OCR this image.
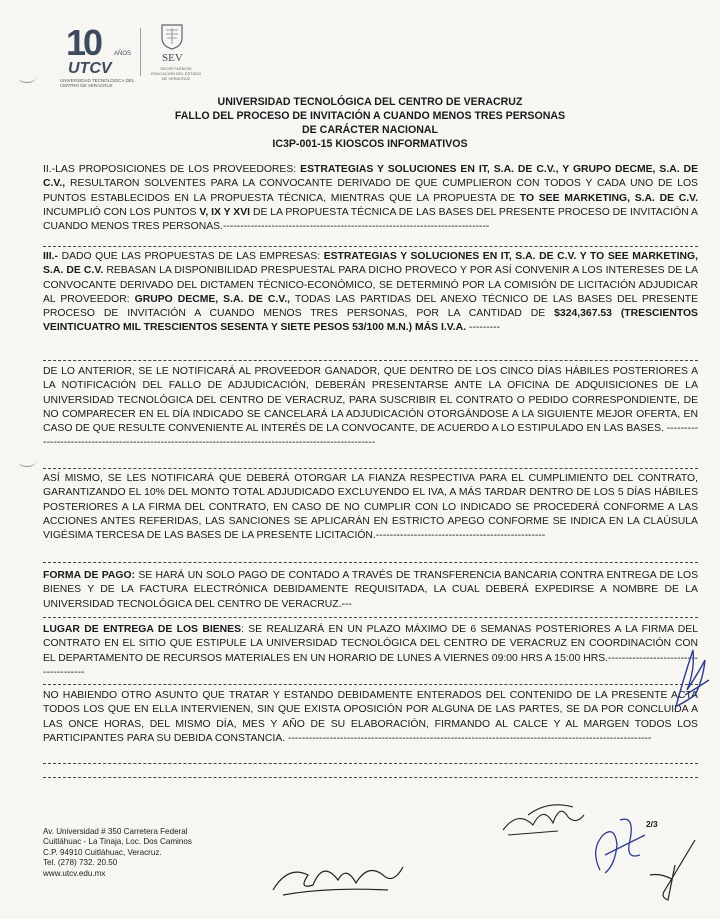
10 AÑOS
UTCV
UNIVERSIDAD TECNOLÓGICA DEL CENTRO DE VERACRUZ
SEV
SECRETARÍA DE EDUCACIÓN DEL ESTADO DE VERACRUZ
UNIVERSIDAD TECNOLÓGICA DEL CENTRO DE VERACRUZ
FALLO DEL PROCESO DE INVITACIÓN A CUANDO MENOS TRES PERSONAS
DE CARÁCTER NACIONAL
IC3P-001-15 KIOSCOS INFORMATIVOS
II.-LAS PROPOSICIONES DE LOS PROVEEDORES: ESTRATEGIAS Y SOLUCIONES EN IT, S.A. DE C.V., Y GRUPO DECME, S.A. DE C.V., RESULTARON SOLVENTES PARA LA CONVOCANTE DERIVADO DE QUE CUMPLIERON CON TODOS Y CADA UNO DE LOS PUNTOS ESTABLECIDOS EN LA PROPUESTA TÉCNICA, MIENTRAS QUE LA PROPUESTA DE TO SEE MARKETING, S.A. DE C.V. INCUMPLIÓ CON LOS PUNTOS V, IX Y XVI DE LA PROPUESTA TÉCNICA DE LAS BASES DEL PRESENTE PROCESO DE INVITACIÓN A CUANDO MENOS TRES PERSONAS.-----------------------------------------------------------------------------
III.- DADO QUE LAS PROPUESTAS DE LAS EMPRESAS: ESTRATEGIAS Y SOLUCIONES EN IT, S.A. DE C.V. Y TO SEE MARKETING, S.A. DE C.V. REBASAN LA DISPONIBILIDAD PRESPUESTAL PARA DICHO PROVECO Y POR ASÍ CONVENIR A LOS INTERESES DE LA CONVOCANTE DERIVADO DEL DICTAMEN TÉCNICO-ECONÓMICO, SE DETERMINÓ POR LA COMISIÓN DE LICITACIÓN ADJUDICAR AL PROVEEDOR: GRUPO DECME, S.A. DE C.V., TODAS LAS PARTIDAS DEL ANEXO TÉCNICO DE LAS BASES DEL PRESENTE PROCESO DE INVITACIÓN A CUANDO MENOS TRES PERSONAS, POR LA CANTIDAD DE $324,367.53 (TRESCIENTOS VEINTICUATRO MIL TRESCIENTOS SESENTA Y SIETE PESOS 53/100 M.N.) MÁS I.V.A. ---------
DE LO ANTERIOR, SE LE NOTIFICARÁ AL PROVEEDOR GANADOR, QUE DENTRO DE LOS CINCO DÍAS HÁBILES POSTERIORES A LA NOTIFICACIÓN DEL FALLO DE ADJUDICACIÓN, DEBERÁN PRESENTARSE ANTE LA OFICINA DE ADQUISICIONES DE LA UNIVERSIDAD TECNOLÓGICA DEL CENTRO DE VERACRUZ, PARA SUSCRIBIR EL CONTRATO O PEDIDO CORRESPONDIENTE, DE NO COMPARECER EN EL DÍA INDICADO SE CANCELARÁ LA ADJUDICACIÓN OTORGÁNDOSE A LA SIGUIENTE MEJOR OFERTA, EN CASO DE QUE RESULTE CONVENIENTE AL INTERÉS DE LA CONVOCANTE, DE ACUERDO A LO ESTIPULADO EN LAS BASES. ---------------------------------------------------------------------------------------------------------
ASÍ MISMO, SE LES NOTIFICARÁ QUE DEBERÁ OTORGAR LA FIANZA RESPECTIVA PARA EL CUMPLIMIENTO DEL CONTRATO, GARANTIZANDO EL 10% DEL MONTO TOTAL ADJUDICADO EXCLUYENDO EL IVA, A MÁS TARDAR DENTRO DE LOS 5 DÍAS HÁBILES POSTERIORES A LA FIRMA DEL CONTRATO, EN CASO DE NO CUMPLIR CON LO INDICADO SE PROCEDERÁ CONFORME A LAS ACCIONES ANTES REFERIDAS, LAS SANCIONES SE APLICARÁN EN ESTRICTO APEGO CONFORME SE INDICA EN LA CLAÚSULA VIGÉSIMA TERCESA DE LAS BASES DE LA PRESENTE LICITACIÓN.-------------------------------------------------
FORMA DE PAGO: SE HARÁ UN SOLO PAGO DE CONTADO A TRAVÉS DE TRANSFERENCIA BANCARIA CONTRA ENTREGA DE LOS BIENES Y DE LA FACTURA ELECTRÓNICA DEBIDAMENTE REQUISITADA, LA CUAL DEBERÁ EXPEDIRSE A NOMBRE DE LA UNIVERSIDAD TECNOLÓGICA DEL CENTRO DE VERACRUZ.---
LUGAR DE ENTREGA DE LOS BIENES: SE REALIZARÁ EN UN PLAZO MÁXIMO DE 6 SEMANAS POSTERIORES A LA FIRMA DEL CONTRATO EN EL SITIO QUE ESTIPULE LA UNIVERSIDAD TECNOLÓGICA DEL CENTRO DE VERACRUZ EN COORDINACIÓN CON EL DEPARTAMENTO DE RECURSOS MATERIALES EN UN HORARIO DE LUNES A VIERNES 09:00 HRS A 15:00 HRS.--------------------------------------
NO HABIENDO OTRO ASUNTO QUE TRATAR Y ESTANDO DEBIDAMENTE ENTERADOS DEL CONTENIDO DE LA PRESENTE ACTA TODOS LOS QUE EN ELLA INTERVIENEN, SIN QUE EXISTA OPOSICIÓN POR ALGUNA DE LAS PARTES, SE DA POR CONCLUIDA A LAS ONCE HORAS, DEL MISMO DÍA, MES Y AÑO DE SU ELABORACIÓN, FIRMANDO AL CALCE Y AL MARGEN TODOS LOS PARTICIPANTES PARA SU DEBIDA CONSTANCIA. ---------------------------------------------------------------------------------------------------------
Av. Universidad # 350 Carretera Federal
Cuitláhuac - La Tinaja, Loc. Dos Caminos
C.P. 94910 Cuitláhuac, Veracruz.
Tel. (278) 732. 20.50
www.utcv.edu.mx
2/3
